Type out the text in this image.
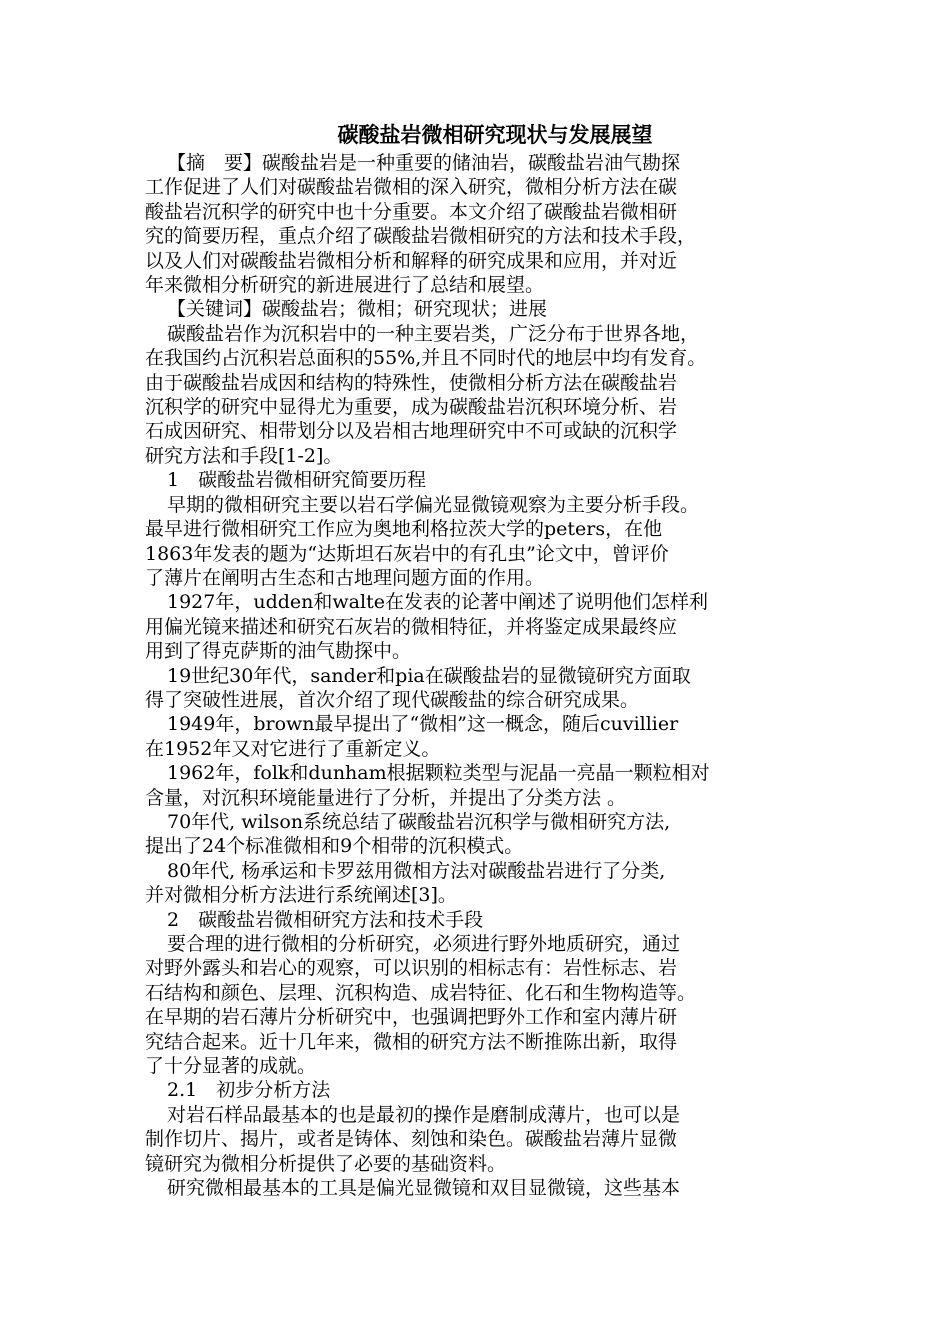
碳酸盐岩微相研究现状与发展展望
【摘　要】碳酸盐岩是一种重要的储油岩，碳酸盐岩油气勘探
工作促进了人们对碳酸盐岩微相的深入研究，微相分析方法在碳
酸盐岩沉积学的研究中也十分重要。本文介绍了碳酸盐岩微相研
究的简要历程，重点介绍了碳酸盐岩微相研究的方法和技术手段，
以及人们对碳酸盐岩微相分析和解释的研究成果和应用，并对近
年来微相分析研究的新进展进行了总结和展望。
【关键词】碳酸盐岩；微相；研究现状；进展
碳酸盐岩作为沉积岩中的一种主要岩类，广泛分布于世界各地，
在我国约占沉积岩总面积的55%,并且不同时代的地层中均有发育。
由于碳酸盐岩成因和结构的特殊性，使微相分析方法在碳酸盐岩
沉积学的研究中显得尤为重要，成为碳酸盐岩沉积环境分析、岩
石成因研究、相带划分以及岩相古地理研究中不可或缺的沉积学
研究方法和手段[1-2]。
1　碳酸盐岩微相研究简要历程
早期的微相研究主要以岩石学偏光显微镜观察为主要分析手段。
最早进行微相研究工作应为奥地利格拉茨大学的peters，在他
1863年发表的题为“达斯坦石灰岩中的有孔虫”论文中，曾评价
了薄片在阐明古生态和古地理问题方面的作用。
1927年，udden和walte在发表的论著中阐述了说明他们怎样利
用偏光镜来描述和研究石灰岩的微相特征，并将鉴定成果最终应
用到了得克萨斯的油气勘探中。
19世纪30年代，sander和pia在碳酸盐岩的显微镜研究方面取
得了突破性进展，首次介绍了现代碳酸盐的综合研究成果。
1949年，brown最早提出了“微相”这一概念，随后cuvillier
在1952年又对它进行了重新定义。
1962年，folk和dunham根据颗粒类型与泥晶一亮晶一颗粒相对
含量，对沉积环境能量进行了分析，并提出了分类方法 。
70年代, wilson系统总结了碳酸盐岩沉积学与微相研究方法,
提出了24个标准微相和9个相带的沉积模式。
80年代, 杨承运和卡罗兹用微相方法对碳酸盐岩进行了分类,
并对微相分析方法进行系统阐述[3]。
2　碳酸盐岩微相研究方法和技术手段
要合理的进行微相的分析研究，必须进行野外地质研究，通过
对野外露头和岩心的观察，可以识别的相标志有：岩性标志、岩
石结构和颜色、层理、沉积构造、成岩特征、化石和生物构造等。
在早期的岩石薄片分析研究中，也强调把野外工作和室内薄片研
究结合起来。近十几年来，微相的研究方法不断推陈出新，取得
了十分显著的成就。
2.1　初步分析方法
对岩石样品最基本的也是最初的操作是磨制成薄片，也可以是
制作切片、揭片，或者是铸体、刻蚀和染色。碳酸盐岩薄片显微
镜研究为微相分析提供了必要的基础资料。
研究微相最基本的工具是偏光显微镜和双目显微镜，这些基本
